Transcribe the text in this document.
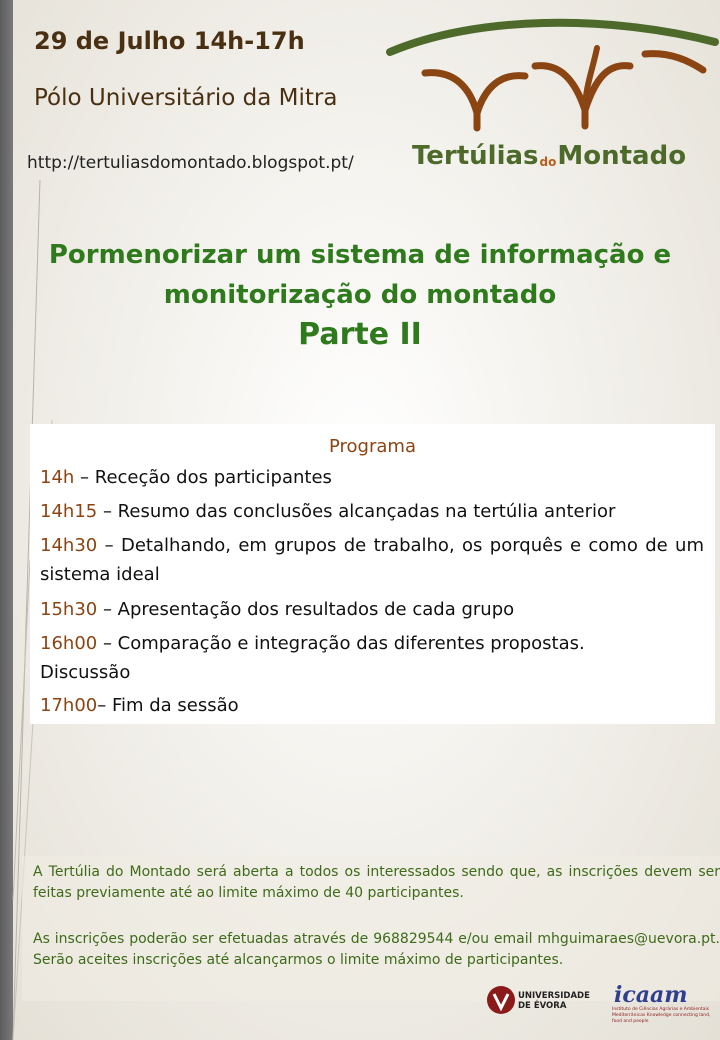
29 de Julho 14h-17h
Pólo Universitário da Mitra
http://tertuliasdomontado.blogspot.pt/ TertúliasdoMontado
Pormenorizar um sistema de informação e
monitorização do montado
Parte II
Programa
14h – Receção dos participantes
14h15 – Resumo das conclusões alcançadas na tertúlia anterior
14h30 – Detalhando, em grupos de trabalho, os porquês e como de um sistema ideal
15h30 – Apresentação dos resultados de cada grupo
16h00 – Comparação e integração das diferentes propostas. Discussão
17h00– Fim da sessão
A Tertúlia do Montado será aberta a todos os interessados sendo que, as inscrições devem ser feitas previamente até ao limite máximo de 40 participantes.
As inscrições poderão ser efetuadas através de 968829544 e/ou email mhguimaraes@uevora.pt. Serão aceites inscrições até alcançarmos o limite máximo de participantes.
UNIVERSIDADE
DE ÉVORA	icaam
Instituto de Ciências Agrárias e Ambientais Mediterrânicas Knowledge connecting land, food and people
